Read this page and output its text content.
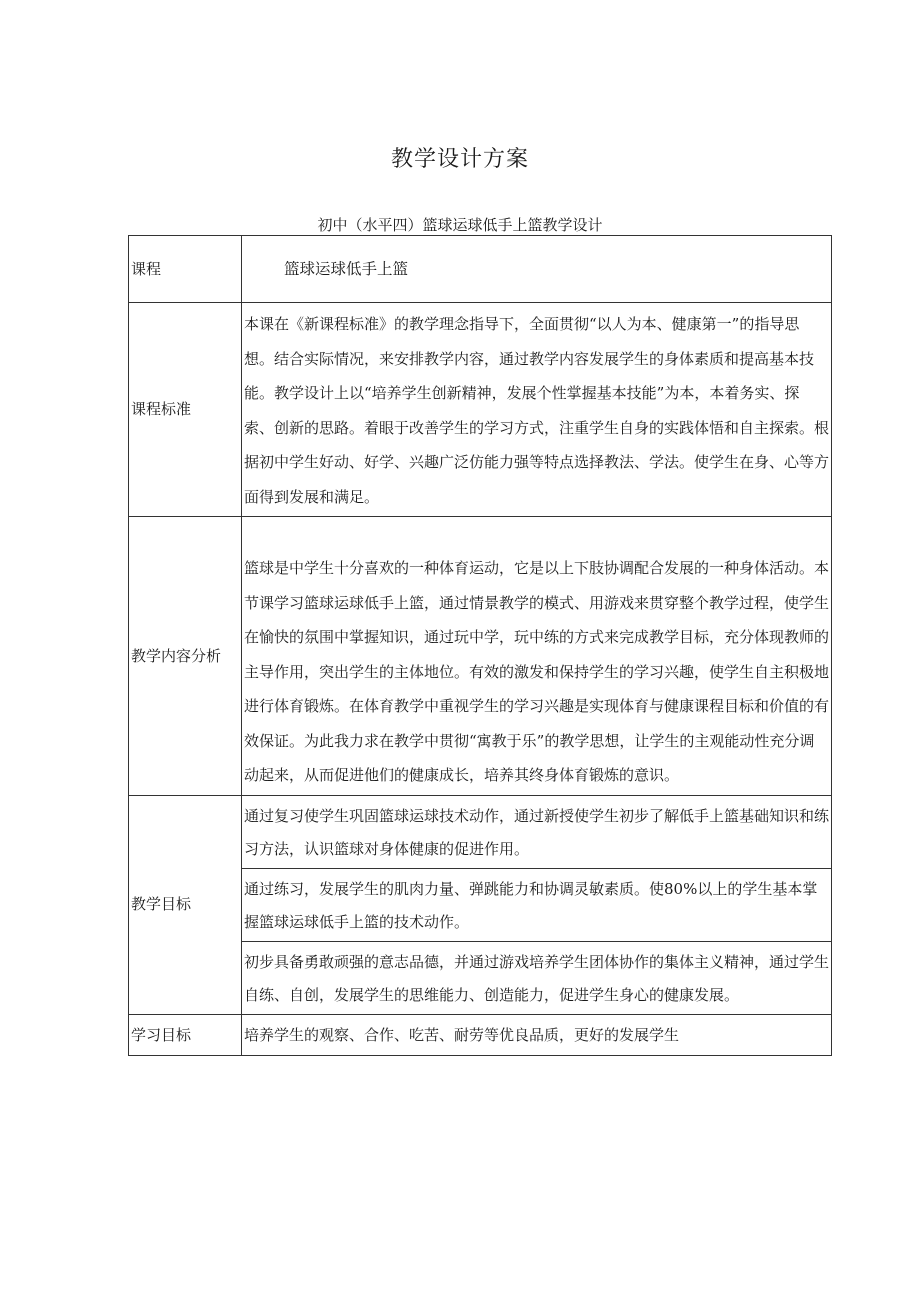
教学设计方案
初中（水平四）篮球运球低手上篮教学设计
课程	篮球运球低手上篮
课程标准	本课在《新课程标准》的教学理念指导下，全面贯彻“以人为本、健康第一”的指导思想。结合实际情况，来安排教学内容，通过教学内容发展学生的身体素质和提高基本技能。教学设计上以“培养学生创新精神，发展个性掌握基本技能”为本，本着务实、探索、创新的思路。着眼于改善学生的学习方式，注重学生自身的实践体悟和自主探索。根据初中学生好动、好学、兴趣广泛仿能力强等特点选择教法、学法。使学生在身、心等方面得到发展和满足。
教学内容分析	篮球是中学生十分喜欢的一种体育运动，它是以上下肢协调配合发展的一种身体活动。本节课学习篮球运球低手上篮，通过情景教学的模式、用游戏来贯穿整个教学过程，使学生在愉快的氛围中掌握知识，通过玩中学，玩中练的方式来完成教学目标，充分体现教师的主导作用，突出学生的主体地位。有效的激发和保持学生的学习兴趣，使学生自主积极地进行体育锻炼。在体育教学中重视学生的学习兴趣是实现体育与健康课程目标和价值的有效保证。为此我力求在教学中贯彻“寓教于乐”的教学思想，让学生的主观能动性充分调动起来，从而促进他们的健康成长，培养其终身体育锻炼的意识。
教学目标	通过复习使学生巩固篮球运球技术动作，通过新授使学生初步了解低手上篮基础知识和练习方法，认识篮球对身体健康的促进作用。
	通过练习，发展学生的肌肉力量、弹跳能力和协调灵敏素质。使80%以上的学生基本掌握篮球运球低手上篮的技术动作。
	初步具备勇敢顽强的意志品德，并通过游戏培养学生团体协作的集体主义精神，通过学生自练、自创，发展学生的思维能力、创造能力，促进学生身心的健康发展。
学习目标	培养学生的观察、合作、吃苦、耐劳等优良品质，更好的发展学生
